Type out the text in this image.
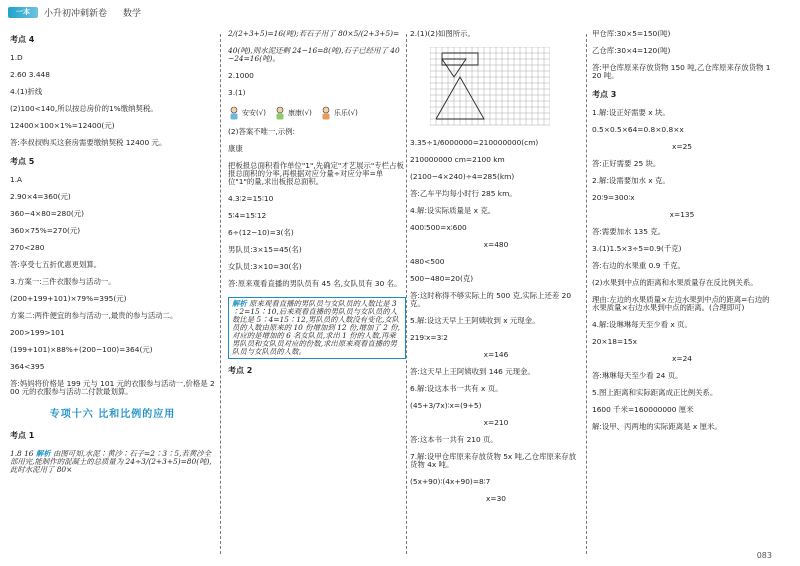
一本 小升初冲刺新卷 数学
考点 4
1.D
2.60 3.448
4.(1)折线
(2)100<140,所以按总房价的1%缴纳契税。
12400×100×1%=12400(元)
答:李叔叔购买这套房需要缴纳契税 12400 元。
考点 5
1.A
2.90×4=360(元)
360−4×80=280(元)
360×75%=270(元)
270<280
答:享受七五折优惠更划算。
3.方案一:三件衣服参与活动一。
(200+199+101)×79%=395(元)
方案二:两件便宜的参与活动一,最贵的参与活动二。
200>199>101
(199+101)×88%+(200−100)=364(元)
364<395
答:妈妈将价格是 199 元与 101 元的衣服参与活动一,价格是 200 元的衣服参与活动二付款最划算。
专项十六 比和比例的应用
考点 1
1.8 16 解析 由图可知,水泥∶黄沙∶石子=2∶3∶5,若黄沙全部用完,能制作的混凝土的总质量为 24÷3/(2+3+5)=80(吨),此时水泥用了 80×
2/(2+3+5)=16(吨);若石子用了 80×5/(2+3+5)=
40(吨),则水泥还剩 24−16=8(吨),石子已经用了 40−24=16(吨)。
2.1000
3.(1)
安安(√)	康康(√)	乐乐(√)
(2)答案不唯一,示例:
康康
把板报总面积看作单位"1",先确定"才艺展示"专栏占板报总面积的分率,再根据对应分量÷对应分率=单位"1"的量,求出板报总面积。
4.3∶2=15∶10
5∶4=15∶12
6÷(12−10)=3(名)
男队员:3×15=45(名)
女队员:3×10=30(名)
答:原来观看直播的男队员有 45 名,女队员有 30 名。
解析 原来观看直播的男队员与女队员的人数比是 3∶2=15∶10,后来观看直播的男队员与女队员的人数比是 5∶4=15∶12,男队员的人数没有变化,女队员的人数由原来的 10 份增加到 12 份,增加了 2 份,对应的是增加的 6 名女队员,求出 1 份的人数,再乘男队员和女队员对应的份数,求出原来观看直播的男队员与女队员的人数。
考点 2
2.(1)(2)如图所示。
3.35÷1/6000000=210000000(cm)
210000000 cm=2100 km
(2100−4×240)÷4=285(km)
答:乙车平均每小时行 285 km。
4.解:设实际质量是 x 克。
400∶500=x∶600
x=480
480<500
500−480=20(克)
答:这时称得不够实际上的 500 克,实际上还差 20 克。
5.解:设这天早上王阿姨收到 x 元现金。
219∶x=3∶2
x=146
答:这天早上王阿姨收到 146 元现金。
6.解:设这本书一共有 x 页。
(45+3/7x)∶x=(9+5)
x=210
答:这本书一共有 210 页。
7.解:设甲仓库原来存放货物 5x 吨,乙仓库原来存放货物 4x 吨。
(5x+90)∶(4x+90)=8∶7
x=30
甲仓库:30×5=150(吨)
乙仓库:30×4=120(吨)
答:甲仓库原来存放货物 150 吨,乙仓库原来存放货物 120 吨。
考点 3
1.解:设正好需要 x 块。
0.5×0.5×64=0.8×0.8×x
x=25
答:正好需要 25 块。
2.解:设需要加水 x 克。
20∶9=300∶x
x=135
答:需要加水 135 克。
3.(1)1.5×3÷5=0.9(千克)
答:右边的水果重 0.9 千克。
(2)水果到中点的距离和水果质量存在反比例关系。
理由:左边的水果质量×左边水果到中点的距离=右边的水果质量×右边水果到中点的距离。(合理即可)
4.解:设琳琳每天至少看 x 页。
20×18=15x
x=24
答:琳琳每天至少看 24 页。
5.图上距离和实际距离成正比例关系。
1600 千米=160000000 厘米
解:设甲、丙两地的实际距离是 x 厘米。
083
